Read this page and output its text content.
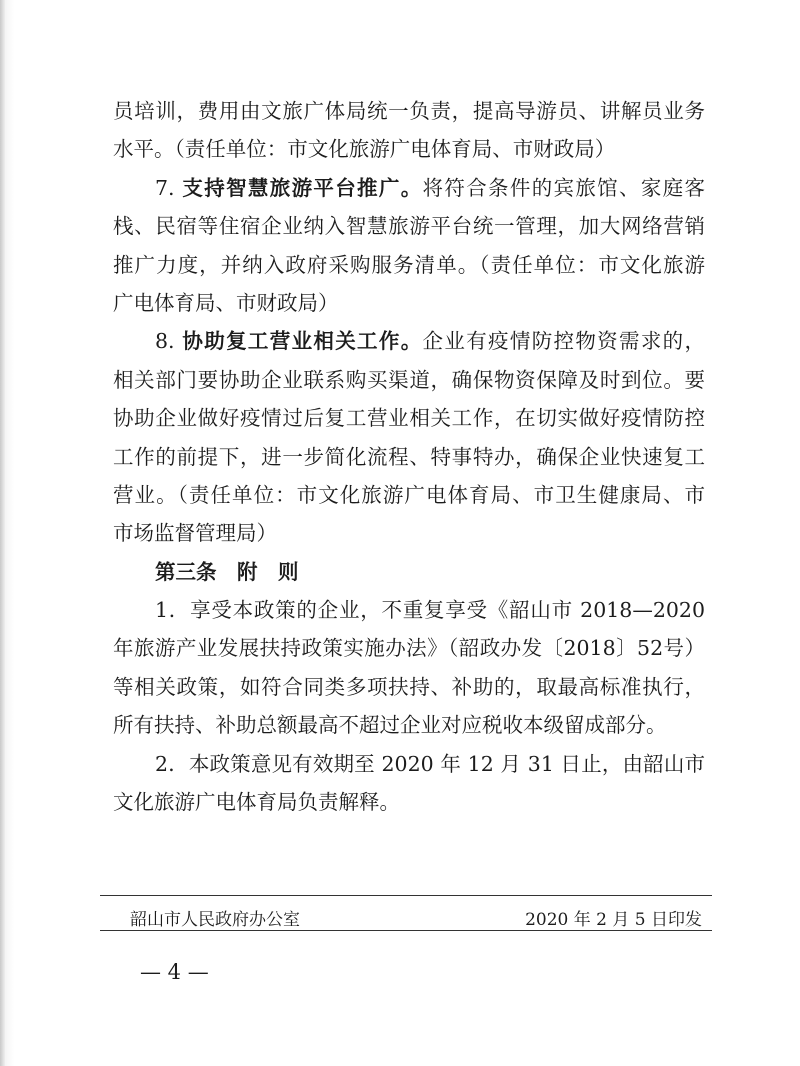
员培训，费用由文旅广体局统一负责，提高导游员、讲解员业务
水平。（责任单位：市文化旅游广电体育局、市财政局）
7. 支持智慧旅游平台推广。将符合条件的宾旅馆、家庭客
栈、民宿等住宿企业纳入智慧旅游平台统一管理，加大网络营销
推广力度，并纳入政府采购服务清单。（责任单位：市文化旅游
广电体育局、市财政局）
8. 协助复工营业相关工作。企业有疫情防控物资需求的，
相关部门要协助企业联系购买渠道，确保物资保障及时到位。要
协助企业做好疫情过后复工营业相关工作，在切实做好疫情防控
工作的前提下，进一步简化流程、特事特办，确保企业快速复工
营业。（责任单位：市文化旅游广电体育局、市卫生健康局、市
市场监督管理局）
第三条　附　则
1．享受本政策的企业，不重复享受《韶山市 2018—2020
年旅游产业发展扶持政策实施办法》（韶政办发〔2018〕52号）
等相关政策，如符合同类多项扶持、补助的，取最高标准执行，
所有扶持、补助总额最高不超过企业对应税收本级留成部分。
2．本政策意见有效期至 2020 年 12 月 31 日止，由韶山市
文化旅游广电体育局负责解释。
韶山市人民政府办公室	2020 年 2 月 5 日印发
— 4 —
